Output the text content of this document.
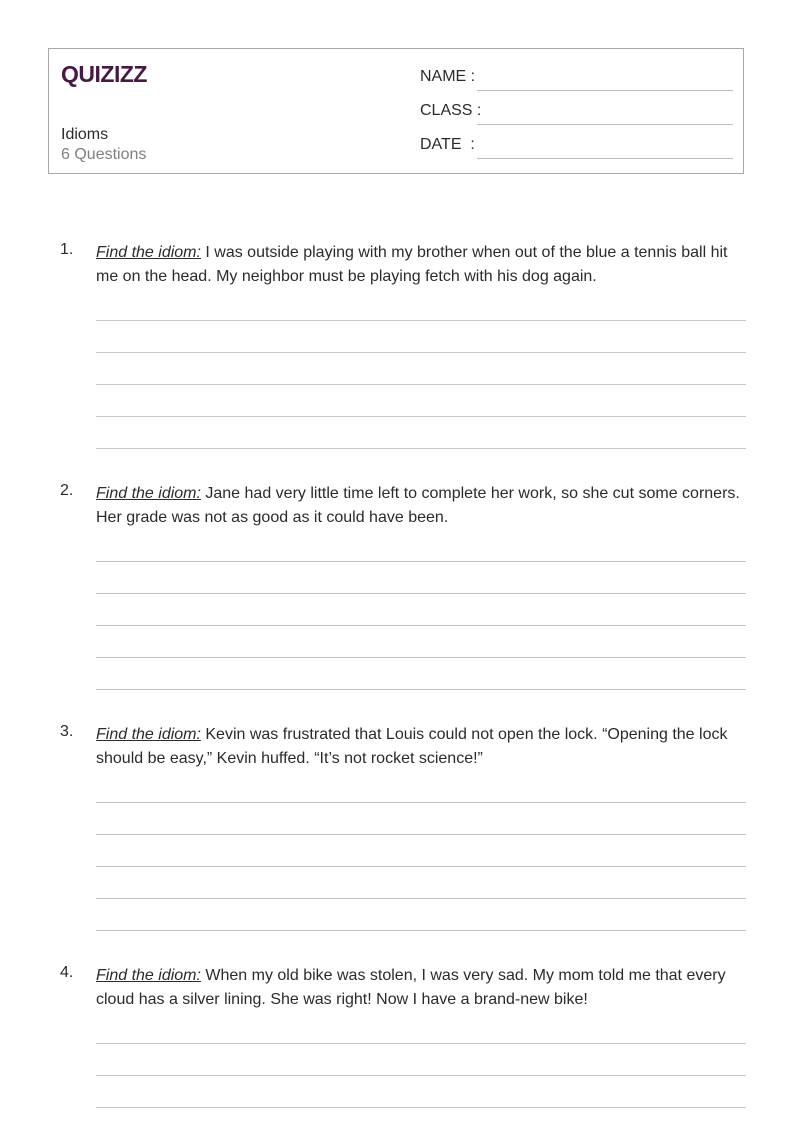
QUIZIZZ
Idioms
6 Questions
NAME :
CLASS :
DATE  :
1. Find the idiom: I was outside playing with my brother when out of the blue a tennis ball hit me on the head. My neighbor must be playing fetch with his dog again.
2. Find the idiom: Jane had very little time left to complete her work, so she cut some corners. Her grade was not as good as it could have been.
3. Find the idiom: Kevin was frustrated that Louis could not open the lock. “Opening the lock should be easy,” Kevin huffed. “It’s not rocket science!”
4. Find the idiom: When my old bike was stolen, I was very sad. My mom told me that every cloud has a silver lining. She was right! Now I have a brand-new bike!
